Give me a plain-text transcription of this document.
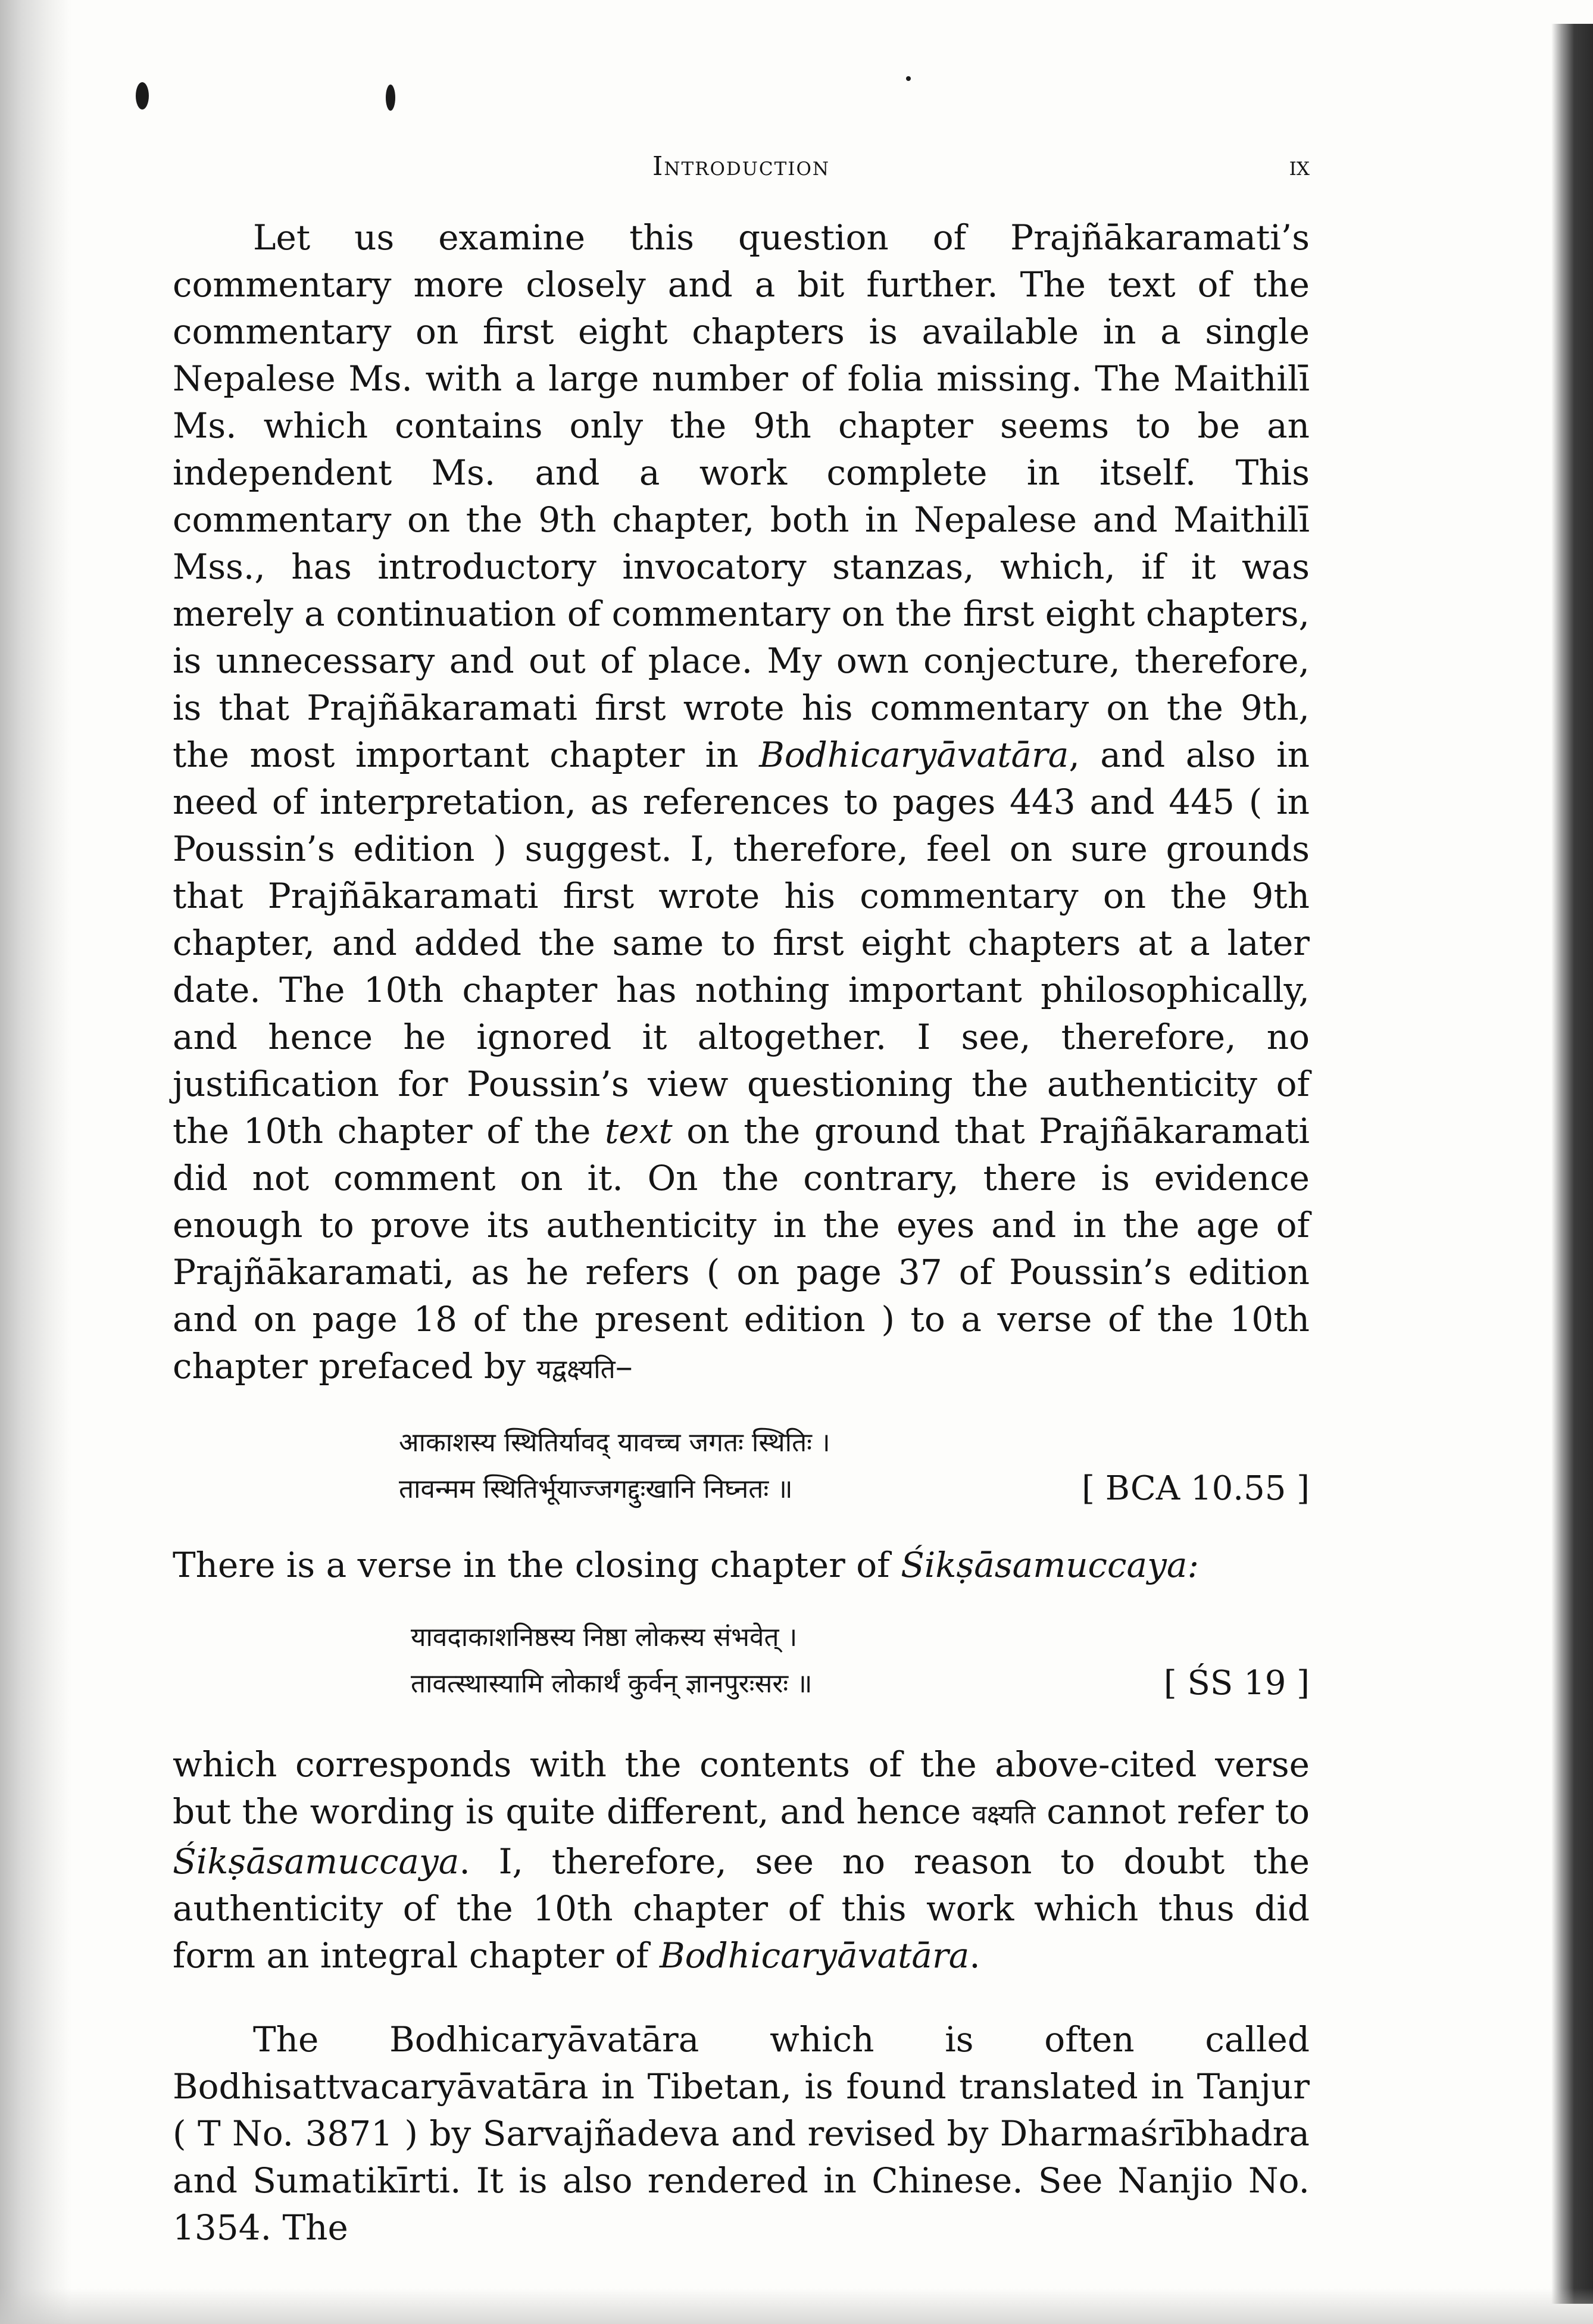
Introduction	ix

Let us examine this question of Prajñākaramati’s commentary more closely and a bit further. The text of the commentary on first eight chapters is available in a single Nepalese Ms. with a large number of folia missing. The Maithilī Ms. which contains only the 9th chapter seems to be an independent Ms. and a work complete in itself. This commentary on the 9th chapter, both in Nepalese and Maithilī Mss., has introductory invocatory stanzas, which, if it was merely a continuation of commentary on the first eight chapters, is unnecessary and out of place. My own conjecture, therefore, is that Prajñākaramati first wrote his commentary on the 9th, the most important chapter in Bodhicaryāvatāra, and also in need of interpretation, as references to pages 443 and 445 ( in Poussin’s edition ) suggest. I, therefore, feel on sure grounds that Prajñākaramati first wrote his commentary on the 9th chapter, and added the same to first eight chapters at a later date. The 10th chapter has nothing important philosophically, and hence he ignored it altogether. I see, therefore, no justification for Poussin’s view questioning the authenticity of the 10th chapter of the text on the ground that Prajñākaramati did not comment on it. On the contrary, there is evidence enough to prove its authenticity in the eyes and in the age of Prajñākaramati, as he refers ( on page 37 of Poussin’s edition and on page 18 of the present edition ) to a verse of the 10th chapter prefaced by यद्वक्ष्यति–

आकाशस्य स्थितिर्यावद् यावच्च जगतः स्थितिः ।
तावन्मम स्थितिर्भूयाज्जगद्दुःखानि निघ्नतः ॥	[ BCA 10.55 ]

There is a verse in the closing chapter of Śikṣāsamuccaya:

यावदाकाशनिष्ठस्य निष्ठा लोकस्य संभवेत् ।
तावत्स्थास्यामि लोकार्थं कुर्वन् ज्ञानपुरःसरः ॥	[ ŚS 19 ]

which corresponds with the contents of the above-cited verse but the wording is quite different, and hence वक्ष्यति cannot refer to Śikṣāsamuccaya. I, therefore, see no reason to doubt the authenticity of the 10th chapter of this work which thus did form an integral chapter of Bodhicaryāvatāra.

The Bodhicaryāvatāra which is often called Bodhisattvacaryāvatāra in Tibetan, is found translated in Tanjur ( T No. 3871 ) by Sarvajñadeva and revised by Dharmaśrībhadra and Sumatikīrti. It is also rendered in Chinese. See Nanjio No. 1354. The
